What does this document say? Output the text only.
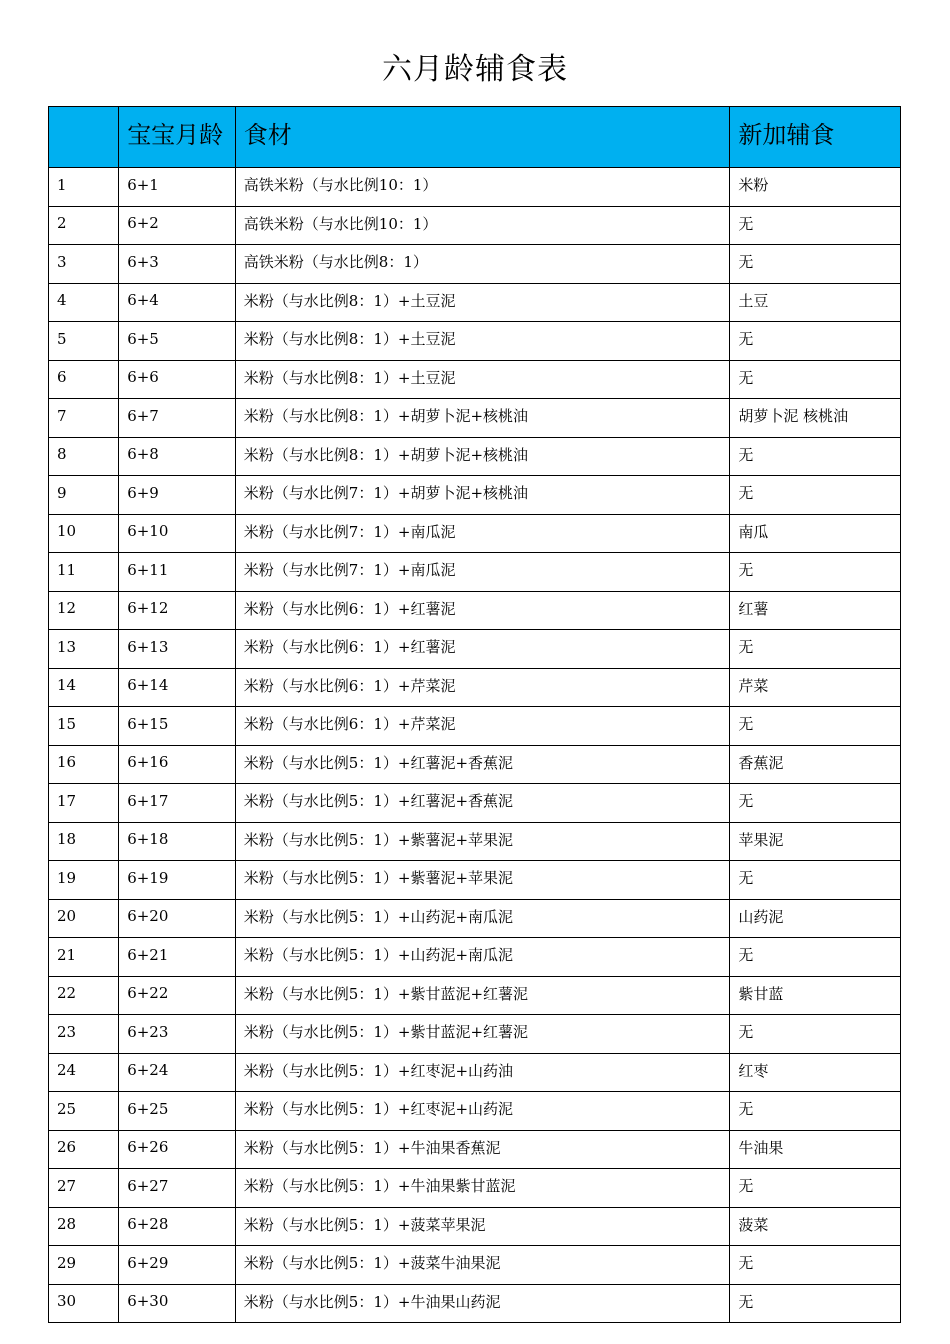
六月龄辅食表
	宝宝月龄	食材	新加辅食
1	6+1	高铁米粉（与水比例10：1）	米粉
2	6+2	高铁米粉（与水比例10：1）	无
3	6+3	高铁米粉（与水比例8：1）	无
4	6+4	米粉（与水比例8：1）+土豆泥	土豆
5	6+5	米粉（与水比例8：1）+土豆泥	无
6	6+6	米粉（与水比例8：1）+土豆泥	无
7	6+7	米粉（与水比例8：1）+胡萝卜泥+核桃油	胡萝卜泥 核桃油
8	6+8	米粉（与水比例8：1）+胡萝卜泥+核桃油	无
9	6+9	米粉（与水比例7：1）+胡萝卜泥+核桃油	无
10	6+10	米粉（与水比例7：1）+南瓜泥	南瓜
11	6+11	米粉（与水比例7：1）+南瓜泥	无
12	6+12	米粉（与水比例6：1）+红薯泥	红薯
13	6+13	米粉（与水比例6：1）+红薯泥	无
14	6+14	米粉（与水比例6：1）+芹菜泥	芹菜
15	6+15	米粉（与水比例6：1）+芹菜泥	无
16	6+16	米粉（与水比例5：1）+红薯泥+香蕉泥	香蕉泥
17	6+17	米粉（与水比例5：1）+红薯泥+香蕉泥	无
18	6+18	米粉（与水比例5：1）+紫薯泥+苹果泥	苹果泥
19	6+19	米粉（与水比例5：1）+紫薯泥+苹果泥	无
20	6+20	米粉（与水比例5：1）+山药泥+南瓜泥	山药泥
21	6+21	米粉（与水比例5：1）+山药泥+南瓜泥	无
22	6+22	米粉（与水比例5：1）+紫甘蓝泥+红薯泥	紫甘蓝
23	6+23	米粉（与水比例5：1）+紫甘蓝泥+红薯泥	无
24	6+24	米粉（与水比例5：1）+红枣泥+山药油	红枣
25	6+25	米粉（与水比例5：1）+红枣泥+山药泥	无
26	6+26	米粉（与水比例5：1）+牛油果香蕉泥	牛油果
27	6+27	米粉（与水比例5：1）+牛油果紫甘蓝泥	无
28	6+28	米粉（与水比例5：1）+菠菜苹果泥	菠菜
29	6+29	米粉（与水比例5：1）+菠菜牛油果泥	无
30	6+30	米粉（与水比例5：1）+牛油果山药泥	无
